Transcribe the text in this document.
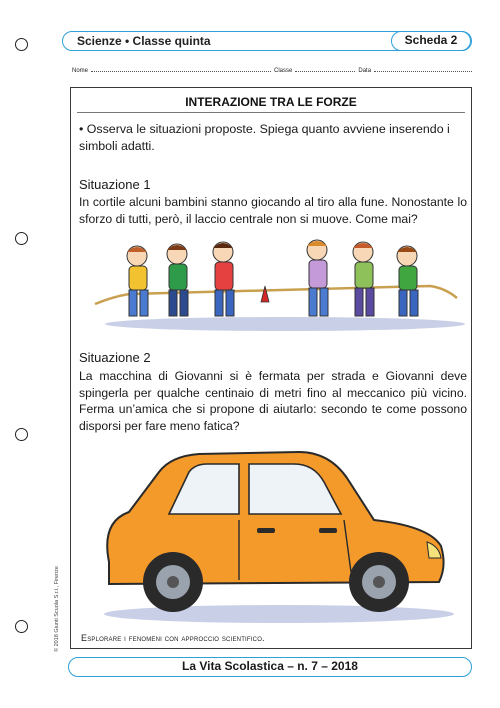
Scienze • Classe quinta	Scheda 2
Nome	Classe	Data
INTERAZIONE TRA LE FORZE
• Osserva le situazioni proposte. Spiega quanto avviene inserendo i simboli adatti.
Situazione 1
In cortile alcuni bambini stanno giocando al tiro alla fune. Nonostante lo sforzo di tutti, però, il laccio centrale non si muove. Come mai?
Situazione 2
La macchina di Giovanni si è fermata per strada e Giovanni deve spingerla per qualche centinaio di metri fino al meccanico più vicino. Ferma un’amica che si propone di aiutarlo: secondo te come possono disporsi per fare meno fatica?
Esplorare i fenomeni con approccio scientifico.
© 2018 Giunti Scuola S.r.l., Firenze
La Vita Scolastica – n. 7 – 2018
